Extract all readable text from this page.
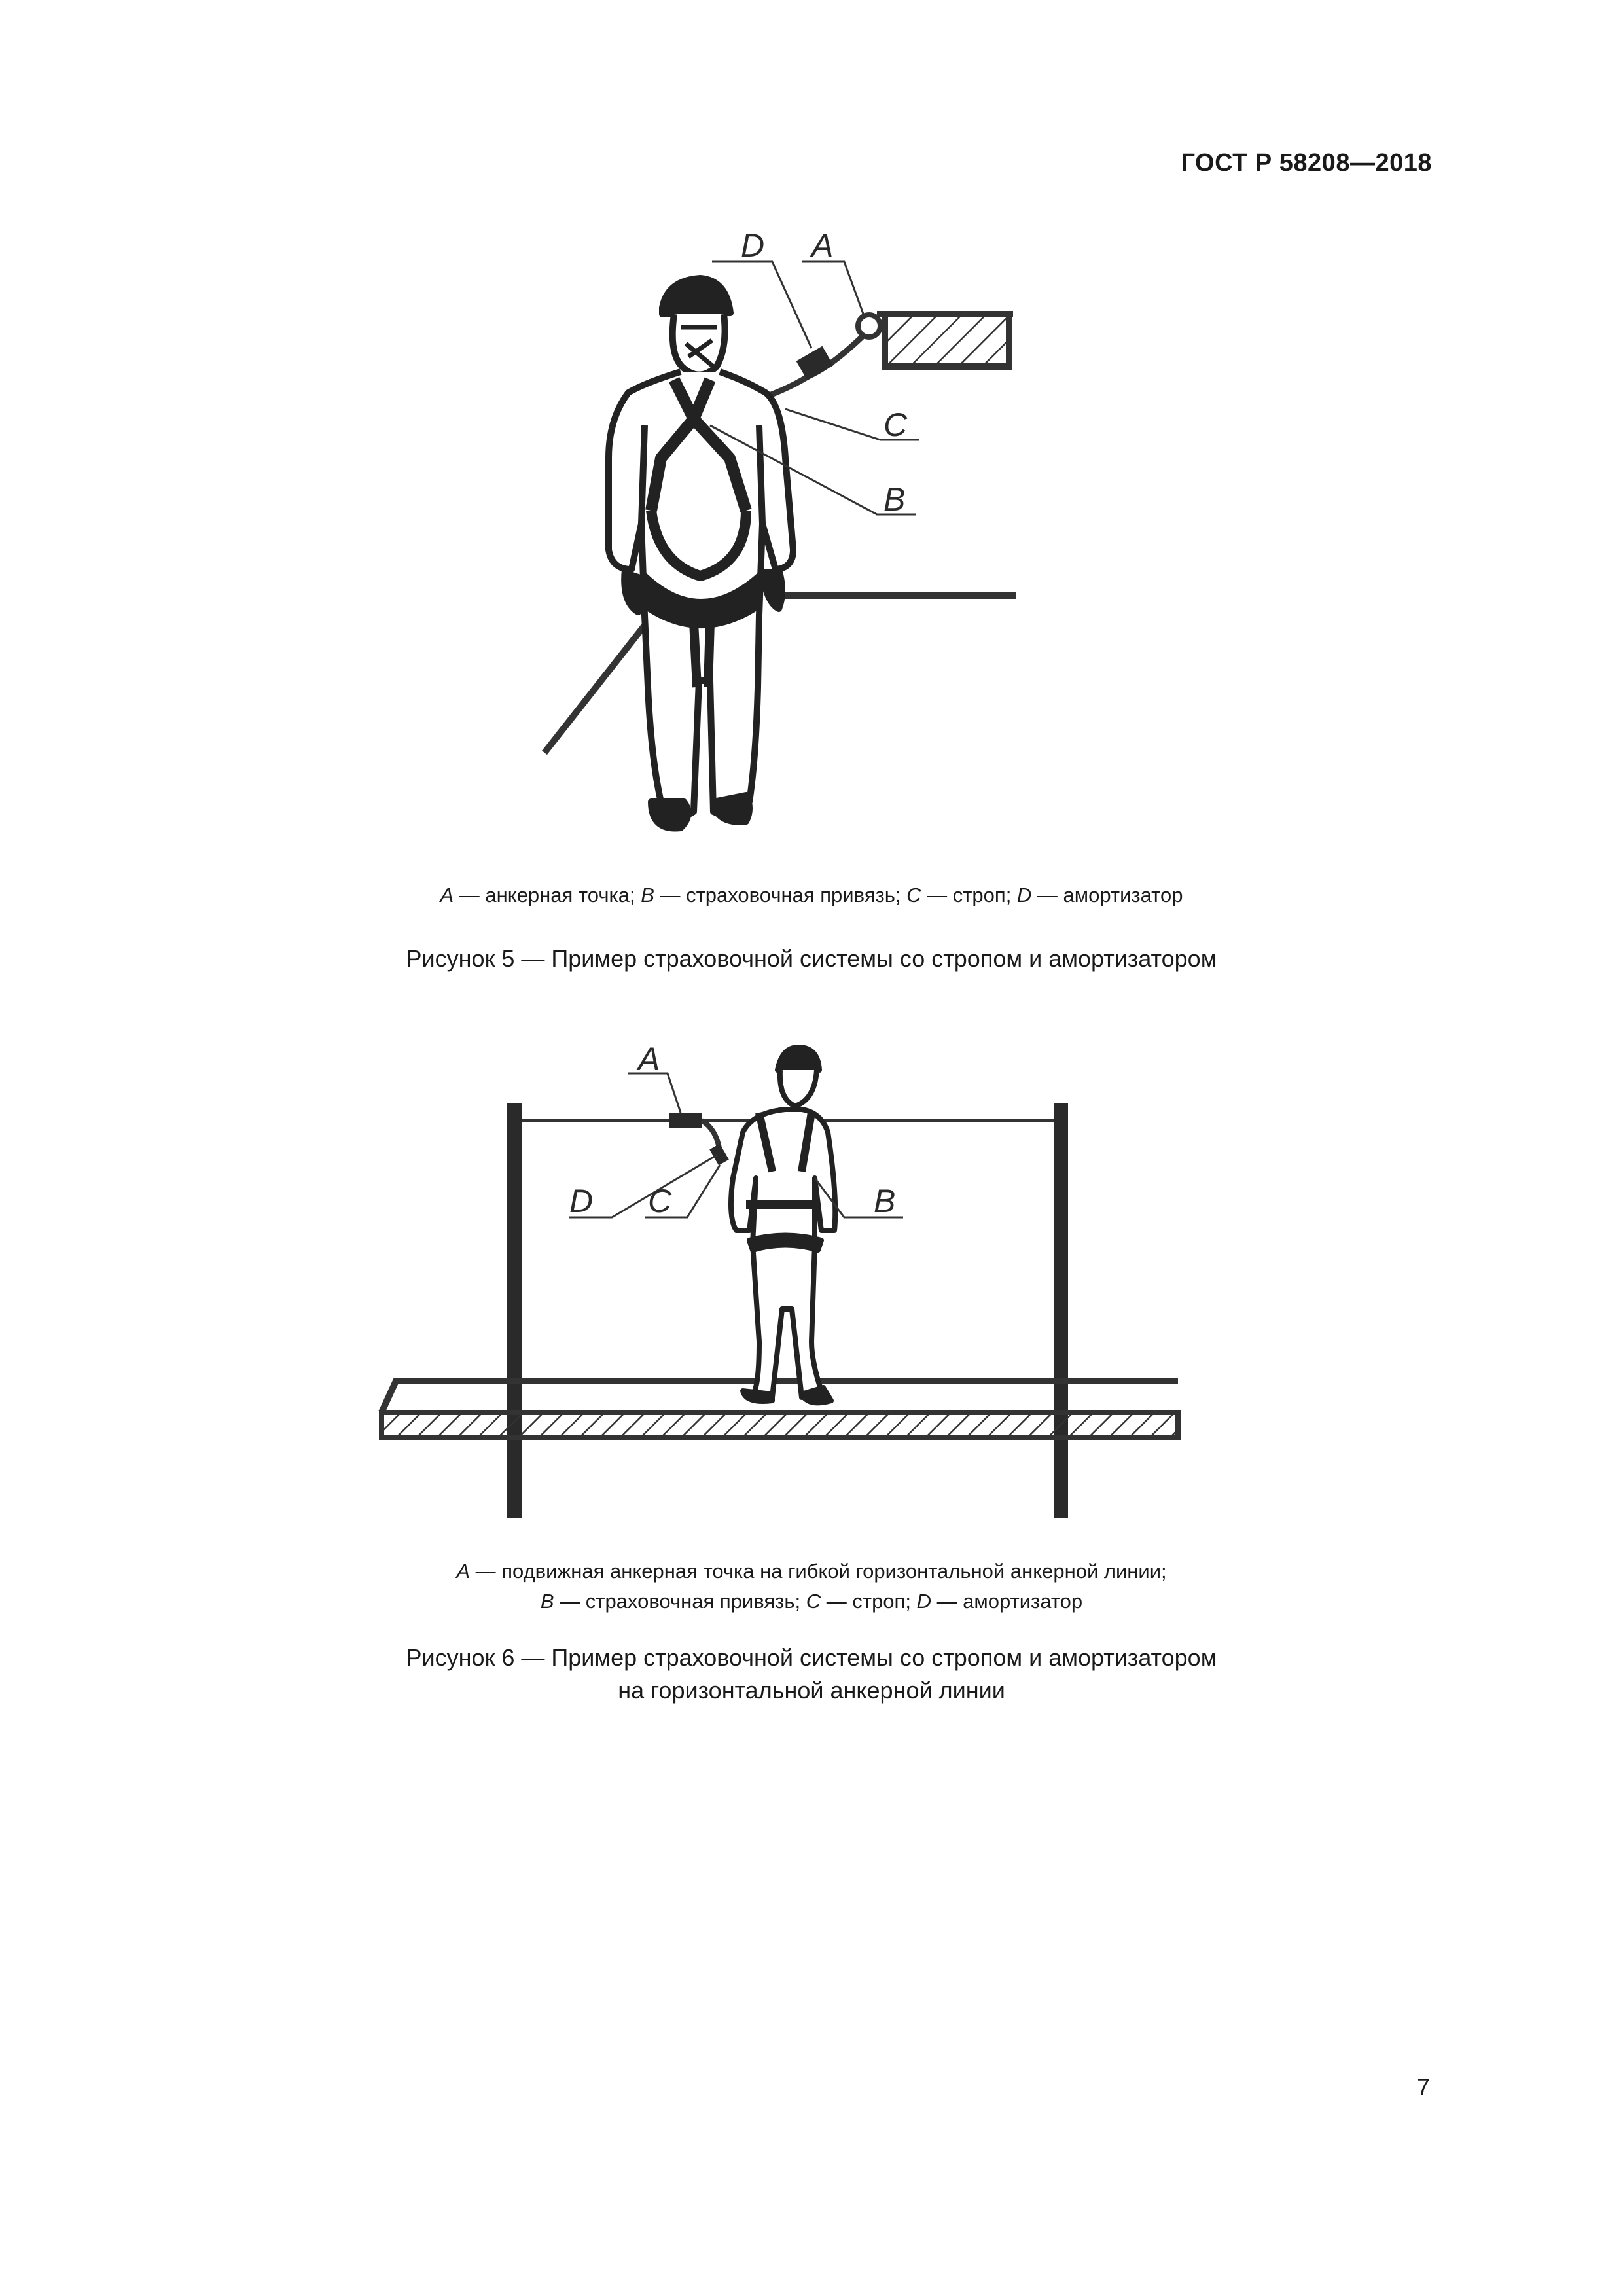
ГОСТ Р 58208—2018
D A
C
B
A — анкерная точка; B — страховочная привязь; C — строп; D — амортизатор
Рисунок 5 — Пример страховочной системы со стропом и амортизатором
A
D C	B
A — подвижная анкерная точка на гибкой горизонтальной анкерной линии;
B — страховочная привязь; C — строп; D — амортизатор
Рисунок 6 — Пример страховочной системы со стропом и амортизатором
на горизонтальной анкерной линии
7
